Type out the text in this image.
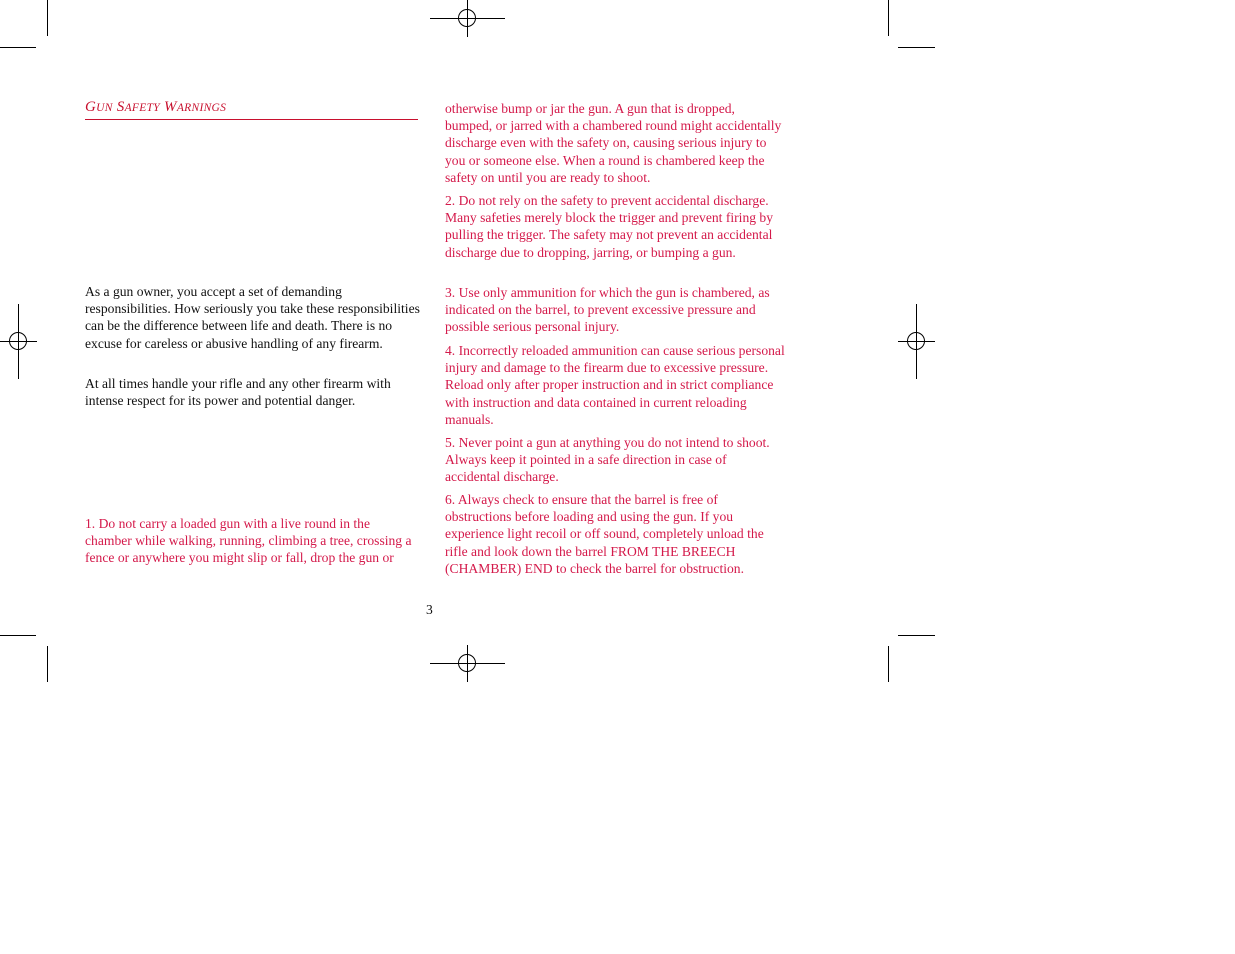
GUN SAFETY WARNINGS

As a gun owner, you accept a set of demanding responsibilities. How seriously you take these responsibilities can be the difference between life and death. There is no excuse for careless or abusive handling of any firearm.

At all times handle your rifle and any other firearm with intense respect for its power and potential danger.

1. Do not carry a loaded gun with a live round in the chamber while walking, running, climbing a tree, crossing a fence or anywhere you might slip or fall, drop the gun or

otherwise bump or jar the gun. A gun that is dropped, bumped, or jarred with a chambered round might accidentally discharge even with the safety on, causing serious injury to you or someone else. When a round is chambered keep the safety on until you are ready to shoot.

2. Do not rely on the safety to prevent accidental discharge. Many safeties merely block the trigger and prevent firing by pulling the trigger. The safety may not prevent an accidental discharge due to dropping, jarring, or bumping a gun.

3. Use only ammunition for which the gun is chambered, as indicated on the barrel, to prevent excessive pressure and possible serious personal injury.

4. Incorrectly reloaded ammunition can cause serious personal injury and damage to the firearm due to excessive pressure. Reload only after proper instruction and in strict compliance with instruction and data contained in current reloading manuals.

5. Never point a gun at anything you do not intend to shoot. Always keep it pointed in a safe direction in case of accidental discharge.

6. Always check to ensure that the barrel is free of obstructions before loading and using the gun. If you experience light recoil or off sound, completely unload the rifle and look down the barrel FROM THE BREECH (CHAMBER) END to check the barrel for obstruction.

3
